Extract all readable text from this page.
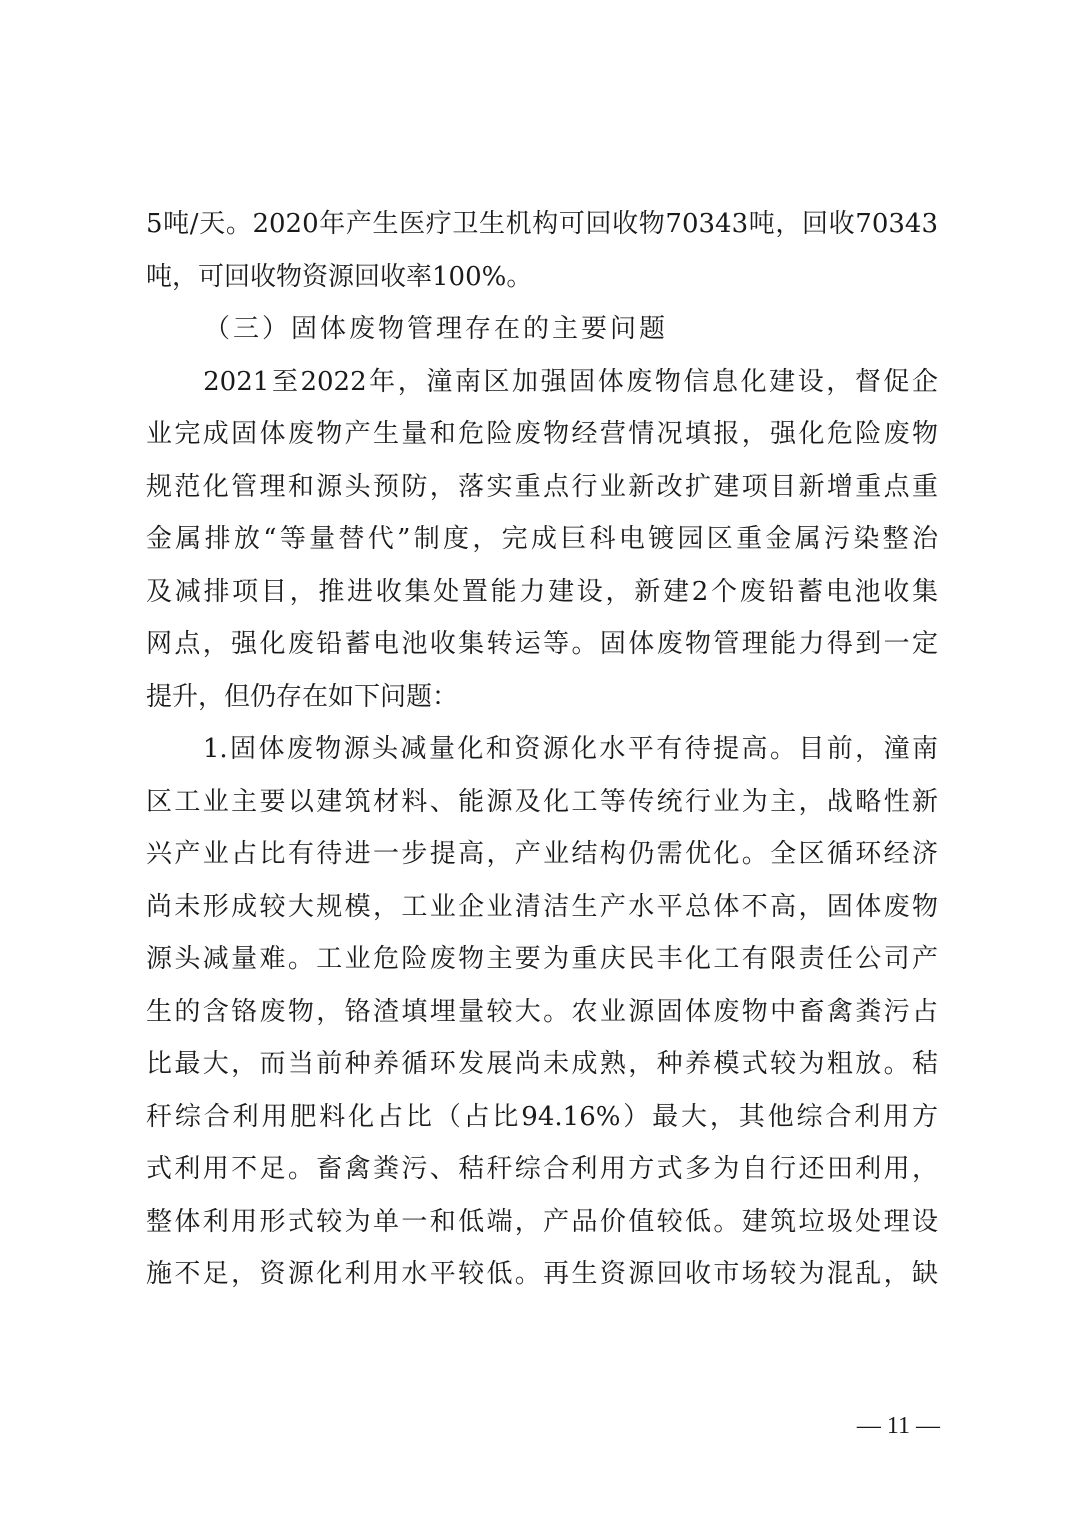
5吨/天。2020年产生医疗卫生机构可回收物70343吨，回收70343
吨，可回收物资源回收率100%。
（三）固体废物管理存在的主要问题
　　2021至2022年，潼南区加强固体废物信息化建设，督促企
业完成固体废物产生量和危险废物经营情况填报，强化危险废物
规范化管理和源头预防，落实重点行业新改扩建项目新增重点重
金属排放“等量替代”制度，完成巨科电镀园区重金属污染整治
及减排项目，推进收集处置能力建设，新建2个废铅蓄电池收集
网点，强化废铅蓄电池收集转运等。固体废物管理能力得到一定
提升，但仍存在如下问题：
　　1.固体废物源头减量化和资源化水平有待提高。目前，潼南
区工业主要以建筑材料、能源及化工等传统行业为主，战略性新
兴产业占比有待进一步提高，产业结构仍需优化。全区循环经济
尚未形成较大规模，工业企业清洁生产水平总体不高，固体废物
源头减量难。工业危险废物主要为重庆民丰化工有限责任公司产
生的含铬废物，铬渣填埋量较大。农业源固体废物中畜禽粪污占
比最大，而当前种养循环发展尚未成熟，种养模式较为粗放。秸
秆综合利用肥料化占比（占比94.16%）最大，其他综合利用方
式利用不足。畜禽粪污、秸秆综合利用方式多为自行还田利用，
整体利用形式较为单一和低端，产品价值较低。建筑垃圾处理设
施不足，资源化利用水平较低。再生资源回收市场较为混乱，缺
— 11 —
